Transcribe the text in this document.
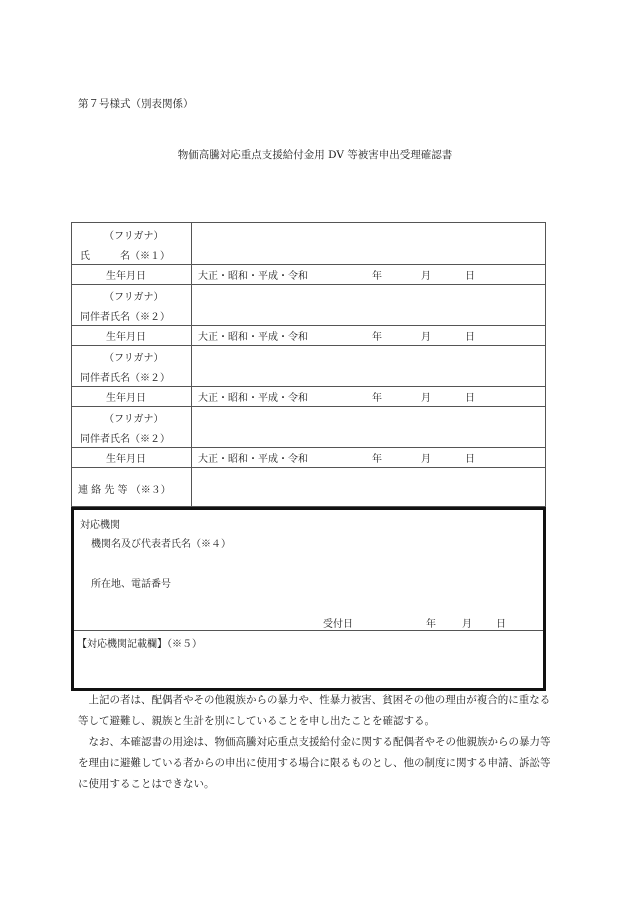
第７号様式（別表関係）
物価高騰対応重点支援給付金用 DV 等被害申出受理確認書
（フリガナ）
氏　　　名（※１）
生年月日	大正・昭和・平成・令和	年	月	日
（フリガナ）
同伴者氏名（※２）
生年月日	大正・昭和・平成・令和	年	月	日
（フリガナ）
同伴者氏名（※２）
生年月日	大正・昭和・平成・令和	年	月	日
（フリガナ）
同伴者氏名（※２）
生年月日	大正・昭和・平成・令和	年	月	日
連 絡 先 等 （※３）
対応機関
機関名及び代表者氏名（※４）
所在地、電話番号
受付日	年	月 日
【対応機関記載欄】（※５）

上記の者は、配偶者やその他親族からの暴力や、性暴力被害、貧困その他の理由が複合的に重なる等して避難し、親族と生計を別にしていることを申し出たことを確認する。

なお、本確認書の用途は、物価高騰対応重点支援給付金に関する配偶者やその他親族からの暴力等を理由に避難している者からの申出に使用する場合に限るものとし、他の制度に関する申請、訴訟等に使用することはできない。
